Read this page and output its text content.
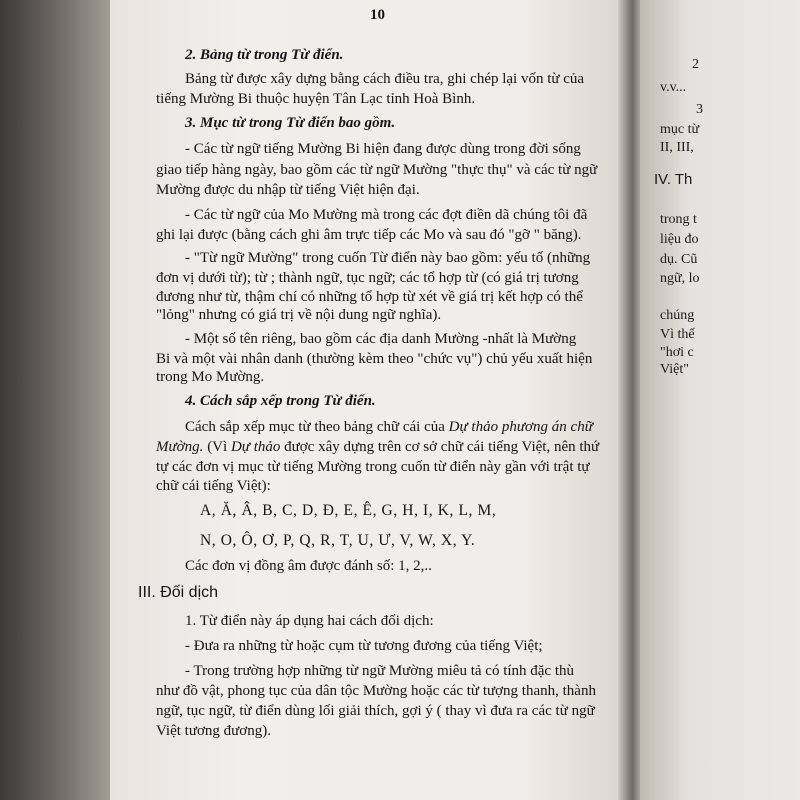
10
2. Bảng từ trong Từ điển.
Bảng từ được xây dựng bằng cách điều tra, ghi chép lại vốn từ của
tiếng Mường Bi thuộc huyện Tân Lạc tỉnh Hoà Bình.
3. Mục từ trong Từ điển bao gồm.
- Các từ ngữ tiếng Mường Bi hiện đang được dùng trong đời sống
giao tiếp hàng ngày, bao gồm các từ ngữ Mường "thực thụ" và các từ ngữ
Mường được du nhập từ tiếng Việt hiện đại.
- Các từ ngữ của Mo Mường mà trong các đợt điền dã chúng tôi đã
ghi lại được (bằng cách ghi âm trực tiếp các Mo và sau đó "gỡ " băng).
- "Từ ngữ Mường" trong cuốn Từ điển này bao gồm: yếu tố (những
đơn vị dưới từ); từ ; thành ngữ, tục ngữ; các tổ hợp từ (có giá trị tương
đương như từ, thậm chí có những tổ hợp từ xét về giá trị kết hợp có thể
"lỏng" nhưng có giá trị về nội dung ngữ nghĩa).
- Một số tên riêng, bao gồm các địa danh Mường -nhất là Mường
Bi và một vài nhân danh (thường kèm theo "chức vụ") chủ yếu xuất hiện
trong Mo Mường.
4. Cách sắp xếp trong Từ điển.
Cách sắp xếp mục từ theo bảng chữ cái của Dự thảo phương án chữ
Mường. (Vì Dự thảo được xây dựng trên cơ sở chữ cái tiếng Việt, nên thứ
tự các đơn vị mục từ tiếng Mường trong cuốn từ điển này gần với trật tự
chữ cái tiếng Việt):
A, Ă, Â, B, C, D, Đ, E, Ê, G, H, I, K, L, M,
N, O, Ô, Ơ, P, Q, R, T, U, Ư, V, W, X, Y.
Các đơn vị đồng âm được đánh số: 1, 2,..
III. Đối dịch
1. Từ điển này áp dụng hai cách đối dịch:
- Đưa ra những từ hoặc cụm từ tương đương của tiếng Việt;
- Trong trường hợp những từ ngữ Mường miêu tả có tính đặc thù
như đồ vật, phong tục của dân tộc Mường hoặc các từ tượng thanh, thành
ngữ, tục ngữ, từ điển dùng lối giải thích, gợi ý ( thay vì đưa ra các từ ngữ
Việt tương đương).
2
v.v...
3
mục từ
II, III,
IV. Th
trong t
liệu đo
dụ. Cũ
ngữ, lo
chúng
Vì thế
"hơi c
Việt"
